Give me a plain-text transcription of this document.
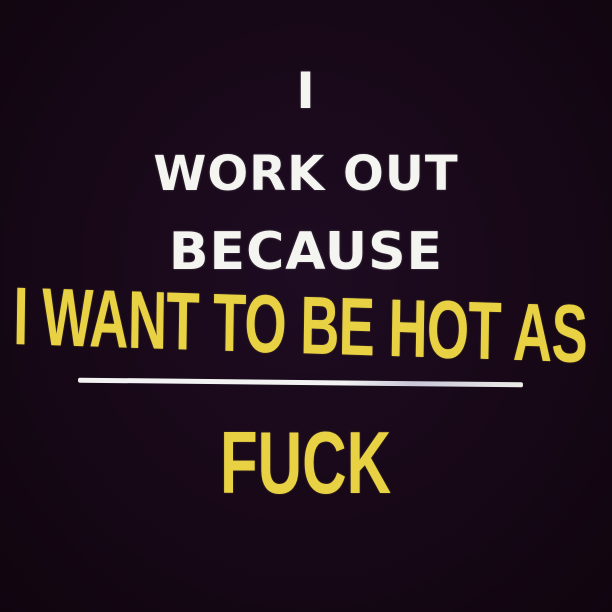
I
WORK OUT
BECAUSE
I WANT TO BE HOT AS
FUCK
